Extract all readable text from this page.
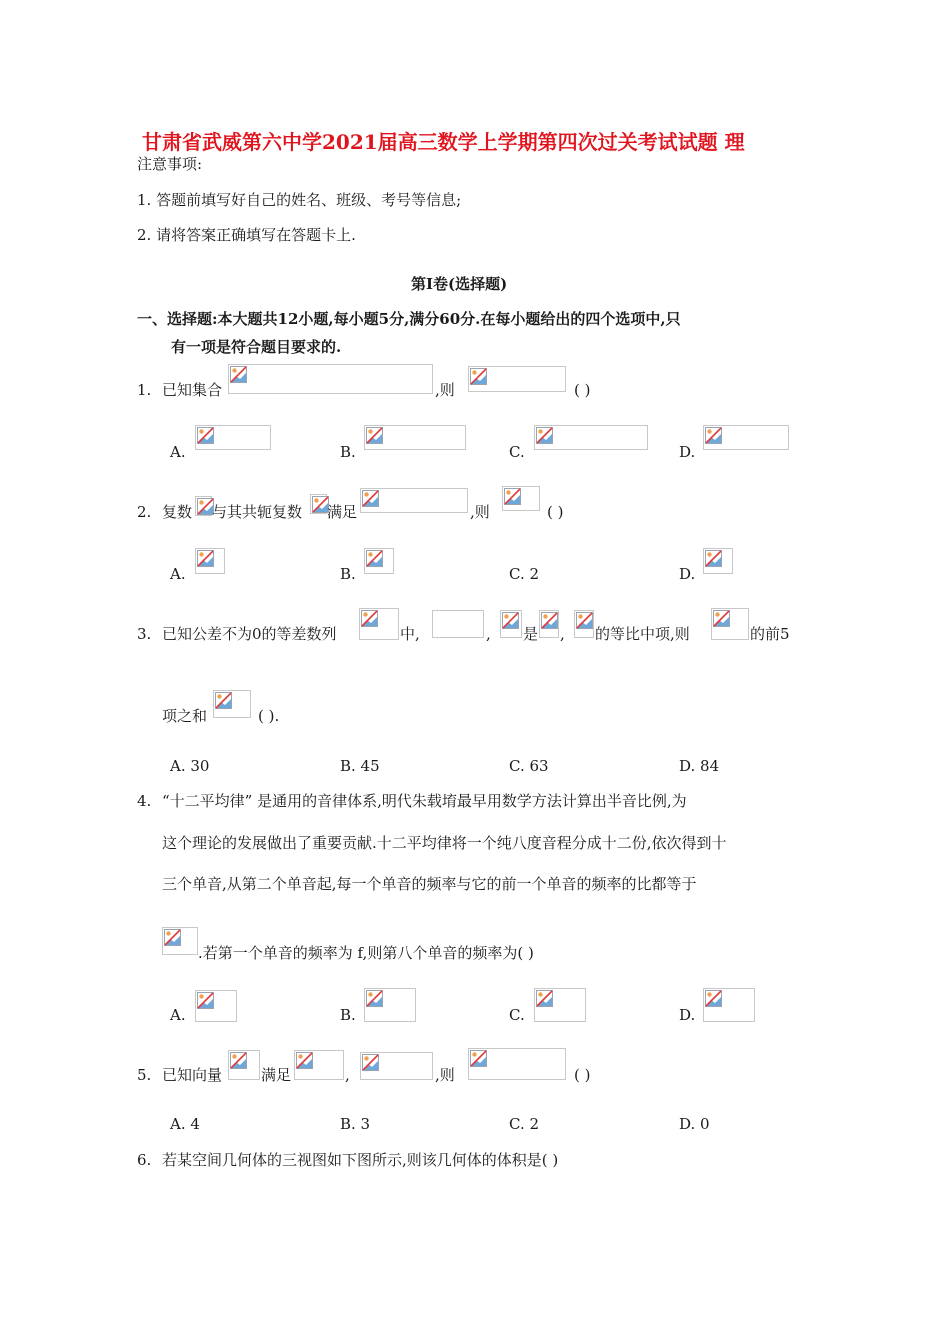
甘肃省武威第六中学2021届高三数学上学期第四次过关考试试题 理
注意事项:
1. 答题前填写好自己的姓名、班级、考号等信息;
2. 请将答案正确填写在答题卡上.
第Ⅰ卷(选择题)
一、选择题:本大题共12小题,每小题5分,满分60分.在每小题给出的四个选项中,只
有一项是符合题目要求的.
1. 已知集合	,则	( )
A.	B.	C.	D.
2. 复数 与其共轭复数 满足	,则	( )
A.	B.	C. 2	D.
3. 已知公差不为0的等差数列	中,	, 是 , 的等比中项,则	的前5
项之和	( ).
A. 30	B. 45	C. 63	D. 84
4. “十二平均律” 是通用的音律体系,明代朱载堉最早用数学方法计算出半音比例,为
这个理论的发展做出了重要贡献.十二平均律将一个纯八度音程分成十二份,依次得到十
三个单音,从第二个单音起,每一个单音的频率与它的前一个单音的频率的比都等于
.若第一个单音的频率为 f,则第八个单音的频率为( )
A.	B.	C.	D.
5. 已知向量	满足	,	,则	( )
A. 4	B. 3	C. 2	D. 0
6. 若某空间几何体的三视图如下图所示,则该几何体的体积是( )
